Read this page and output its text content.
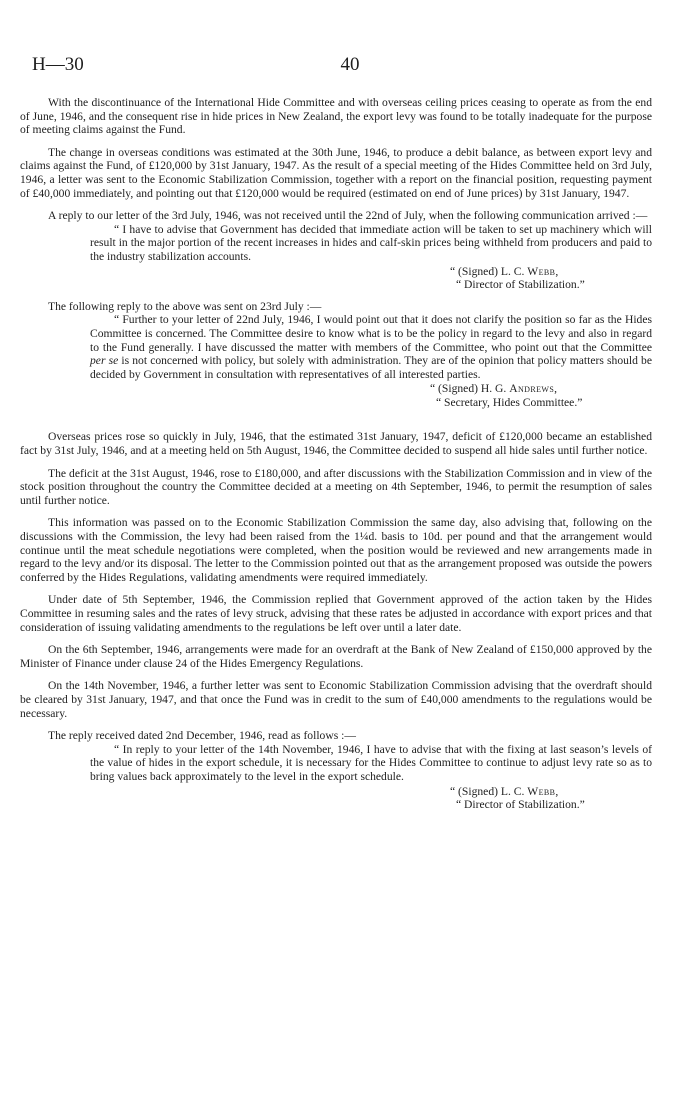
H—30	40

With the discontinuance of the International Hide Committee and with overseas ceiling prices ceasing to operate as from the end of June, 1946, and the consequent rise in hide prices in New Zealand, the export levy was found to be totally inadequate for the purpose of meeting claims against the Fund.

The change in overseas conditions was estimated at the 30th June, 1946, to produce a debit balance, as between export levy and claims against the Fund, of £120,000 by 31st January, 1947. As the result of a special meeting of the Hides Committee held on 3rd July, 1946, a letter was sent to the Economic Stabilization Commission, together with a report on the financial position, requesting payment of £40,000 immediately, and pointing out that £120,000 would be required (estimated on end of June prices) by 31st January, 1947.

A reply to our letter of the 3rd July, 1946, was not received until the 22nd of July, when the following communication arrived :—

“ I have to advise that Government has decided that immediate action will be taken to set up machinery which will result in the major portion of the recent increases in hides and calf-skin prices being withheld from producers and paid to the industry stabilization accounts.

“ (Signed) L. C. Webb,
“ Director of Stabilization.”

The following reply to the above was sent on 23rd July :—

“ Further to your letter of 22nd July, 1946, I would point out that it does not clarify the position so far as the Hides Committee is concerned. The Committee desire to know what is to be the policy in regard to the levy and also in regard to the Fund generally. I have discussed the matter with members of the Committee, who point out that the Committee per se is not concerned with policy, but solely with administration. They are of the opinion that policy matters should be decided by Government in consultation with representatives of all interested parties.

“ (Signed) H. G. Andrews,
“ Secretary, Hides Committee.”

Overseas prices rose so quickly in July, 1946, that the estimated 31st January, 1947, deficit of £120,000 became an established fact by 31st July, 1946, and at a meeting held on 5th August, 1946, the Committee decided to suspend all hide sales until further notice.

The deficit at the 31st August, 1946, rose to £180,000, and after discussions with the Stabilization Commission and in view of the stock position throughout the country the Committee decided at a meeting on 4th September, 1946, to permit the resumption of sales until further notice.

This information was passed on to the Economic Stabilization Commission the same day, also advising that, following on the discussions with the Commission, the levy had been raised from the 1¼d. basis to 10d. per pound and that the arrangement would continue until the meat schedule negotiations were completed, when the position would be reviewed and new arrangements made in regard to the levy and/or its disposal. The letter to the Commission pointed out that as the arrangement proposed was outside the powers conferred by the Hides Regulations, validating amendments were required immediately.

Under date of 5th September, 1946, the Commission replied that Government approved of the action taken by the Hides Committee in resuming sales and the rates of levy struck, advising that these rates be adjusted in accordance with export prices and that consideration of issuing validating amendments to the regulations be left over until a later date.

On the 6th September, 1946, arrangements were made for an overdraft at the Bank of New Zealand of £150,000 approved by the Minister of Finance under clause 24 of the Hides Emergency Regulations.

On the 14th November, 1946, a further letter was sent to Economic Stabilization Commission advising that the overdraft should be cleared by 31st January, 1947, and that once the Fund was in credit to the sum of £40,000 amendments to the regulations would be necessary.

The reply received dated 2nd December, 1946, read as follows :—

“ In reply to your letter of the 14th November, 1946, I have to advise that with the fixing at last season’s levels of the value of hides in the export schedule, it is necessary for the Hides Committee to continue to adjust levy rate so as to bring values back approximately to the level in the export schedule.

“ (Signed) L. C. Webb,
“ Director of Stabilization.”
